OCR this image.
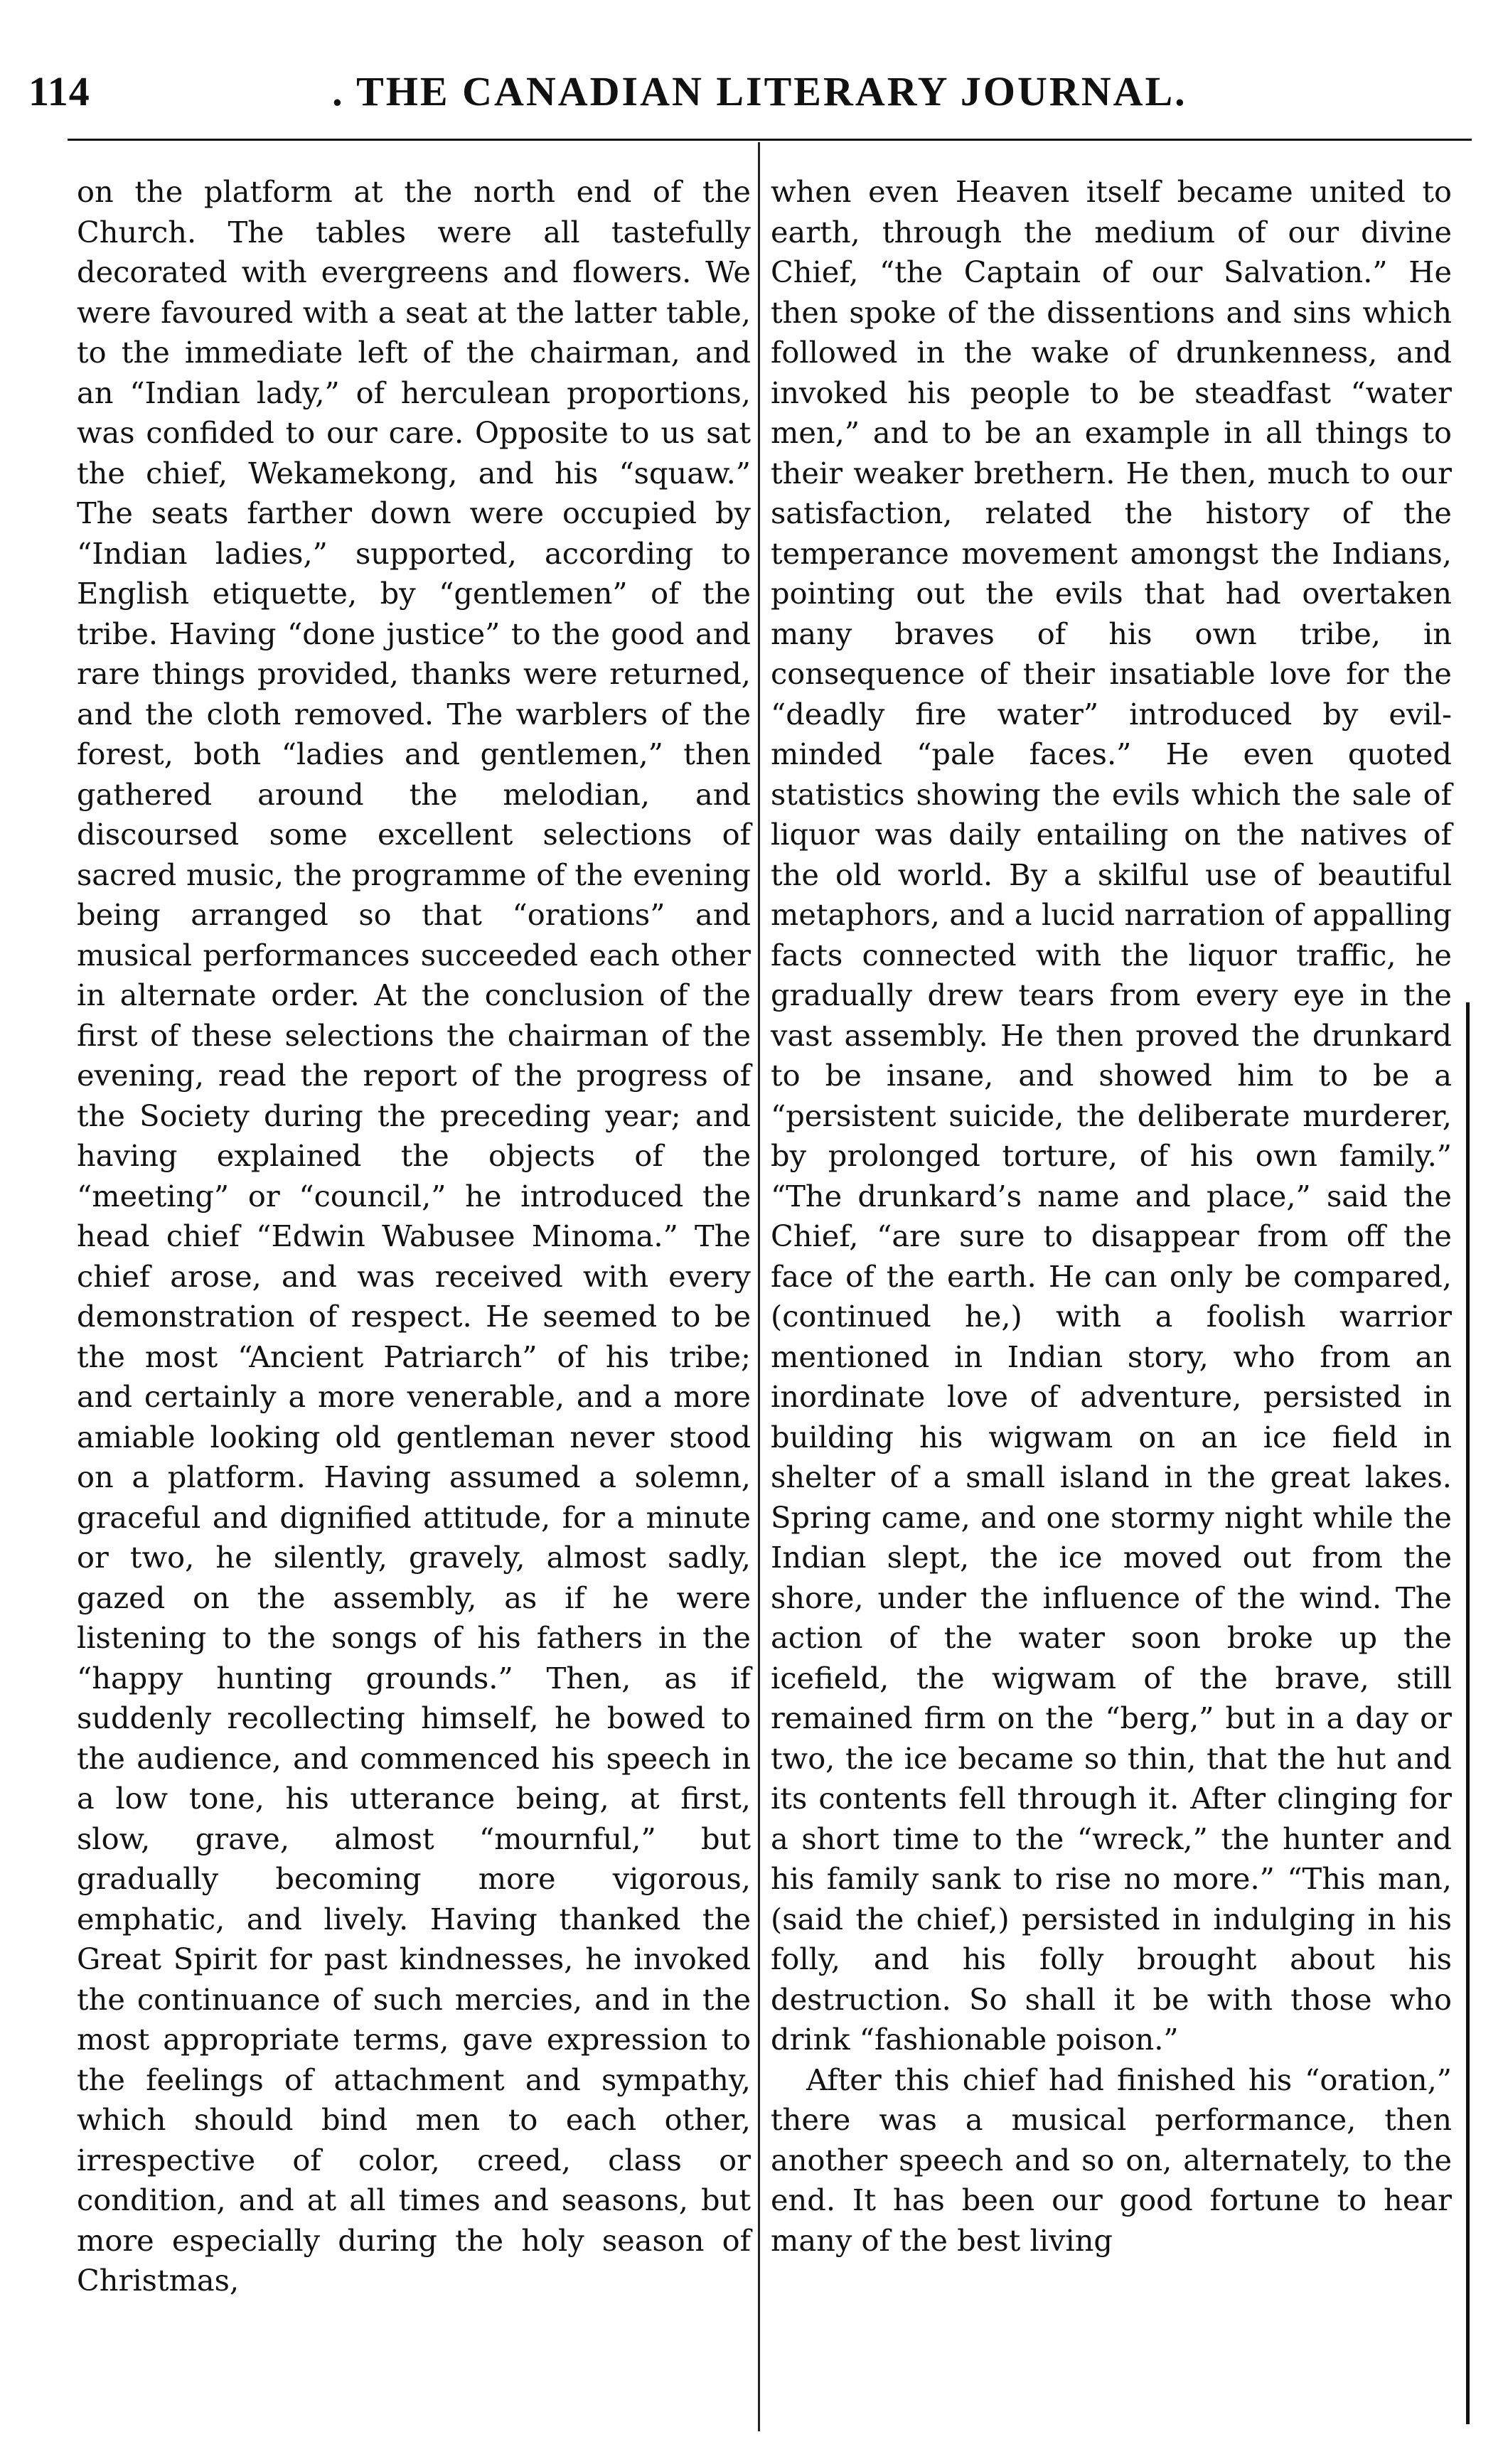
114	. THE CANADIAN LITERARY JOURNAL.

on the platform at the north end of the Church. The tables were all tastefully decorated with evergreens and flowers. We were favoured with a seat at the latter table, to the immediate left of the chairman, and an “Indian lady,” of herculean proportions, was confided to our care. Opposite to us sat the chief, Wekamekong, and his “squaw.” The seats farther down were occupied by “Indian ladies,” supported, according to English etiquette, by “gentlemen” of the tribe. Having “done justice” to the good and rare things provided, thanks were returned, and the cloth removed. The warblers of the forest, both “ladies and gentlemen,” then gathered around the melodian, and discoursed some excellent selections of sacred music, the programme of the evening being arranged so that “orations” and musical performances succeeded each other in alternate order. At the conclusion of the first of these selections the chairman of the evening, read the report of the progress of the Society during the preceding year; and having explained the objects of the “meeting” or “council,” he introduced the head chief “Edwin Wabusee Minoma.” The chief arose, and was received with every demonstration of respect. He seemed to be the most “Ancient Patriarch” of his tribe; and certainly a more venerable, and a more amiable looking old gentleman never stood on a platform. Having assumed a solemn, graceful and dignified attitude, for a minute or two, he silently, gravely, almost sadly, gazed on the assembly, as if he were listening to the songs of his fathers in the “happy hunting grounds.” Then, as if suddenly recollecting himself, he bowed to the audience, and commenced his speech in a low tone, his utterance being, at first, slow, grave, almost “mournful,” but gradually becoming more vigorous, emphatic, and lively. Having thanked the Great Spirit for past kindnesses, he invoked the continuance of such mercies, and in the most appropriate terms, gave expression to the feelings of attachment and sympathy, which should bind men to each other, irrespective of color, creed, class or condition, and at all times and seasons, but more especially during the holy season of Christmas,

when even Heaven itself became united to earth, through the medium of our divine Chief, “the Captain of our Salvation.” He then spoke of the dissentions and sins which followed in the wake of drunkenness, and invoked his people to be steadfast “water men,” and to be an example in all things to their weaker brethern. He then, much to our satisfaction, related the history of the temperance movement amongst the Indians, pointing out the evils that had overtaken many braves of his own tribe, in consequence of their insatiable love for the “deadly fire water” introduced by evil-minded “pale faces.” He even quoted statistics showing the evils which the sale of liquor was daily entailing on the natives of the old world. By a skilful use of beautiful metaphors, and a lucid narration of appalling facts connected with the liquor traffic, he gradually drew tears from every eye in the vast assembly. He then proved the drunkard to be insane, and showed him to be a “persistent suicide, the deliberate murderer, by prolonged torture, of his own family.” “The drunkard’s name and place,” said the Chief, “are sure to disappear from off the face of the earth. He can only be compared, (continued he,) with a foolish warrior mentioned in Indian story, who from an inordinate love of adventure, persisted in building his wigwam on an ice field in shelter of a small island in the great lakes. Spring came, and one stormy night while the Indian slept, the ice moved out from the shore, under the influence of the wind. The action of the water soon broke up the icefield, the wigwam of the brave, still remained firm on the “berg,” but in a day or two, the ice became so thin, that the hut and its contents fell through it. After clinging for a short time to the “wreck,” the hunter and his family sank to rise no more.” “This man, (said the chief,) persisted in indulging in his folly, and his folly brought about his destruction. So shall it be with those who drink “fashionable poison.”

After this chief had finished his “oration,” there was a musical performance, then another speech and so on, alternately, to the end. It has been our good fortune to hear many of the best living
